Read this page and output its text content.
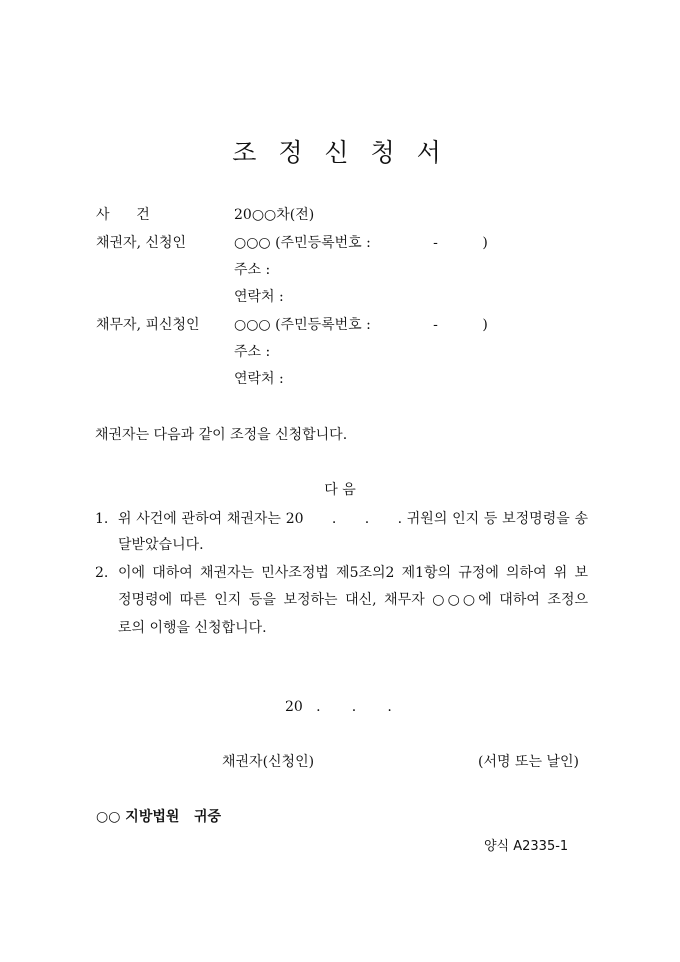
조 정 신 청 서
사      건	20○○차(전)
채권자, 신청인	○○○ (주민등록번호 :              -          )
주소 :
연락처 :
채무자, 피신청인 ○○○ (주민등록번호 :              -          )
주소 :
연락처 :
채권자는 다음과 같이 조정을 신청합니다.
다 음
1. 위 사건에 관하여 채권자는 20      .      .      . 귀원의 인지 등 보정명령을 송
달받았습니다.
2. 이에 대하여 채권자는 민사조정법 제5조의2 제1항의 규정에 의하여 위 보
정명령에 따른 인지 등을 보정하는 대신, 채무자 ○○○에 대하여 조정으
로의 이행을 신청합니다.
20   .       .       .
채권자(신청인)	(서명 또는 날인)
○○ 지방법원   귀중
양식 A2335-1
